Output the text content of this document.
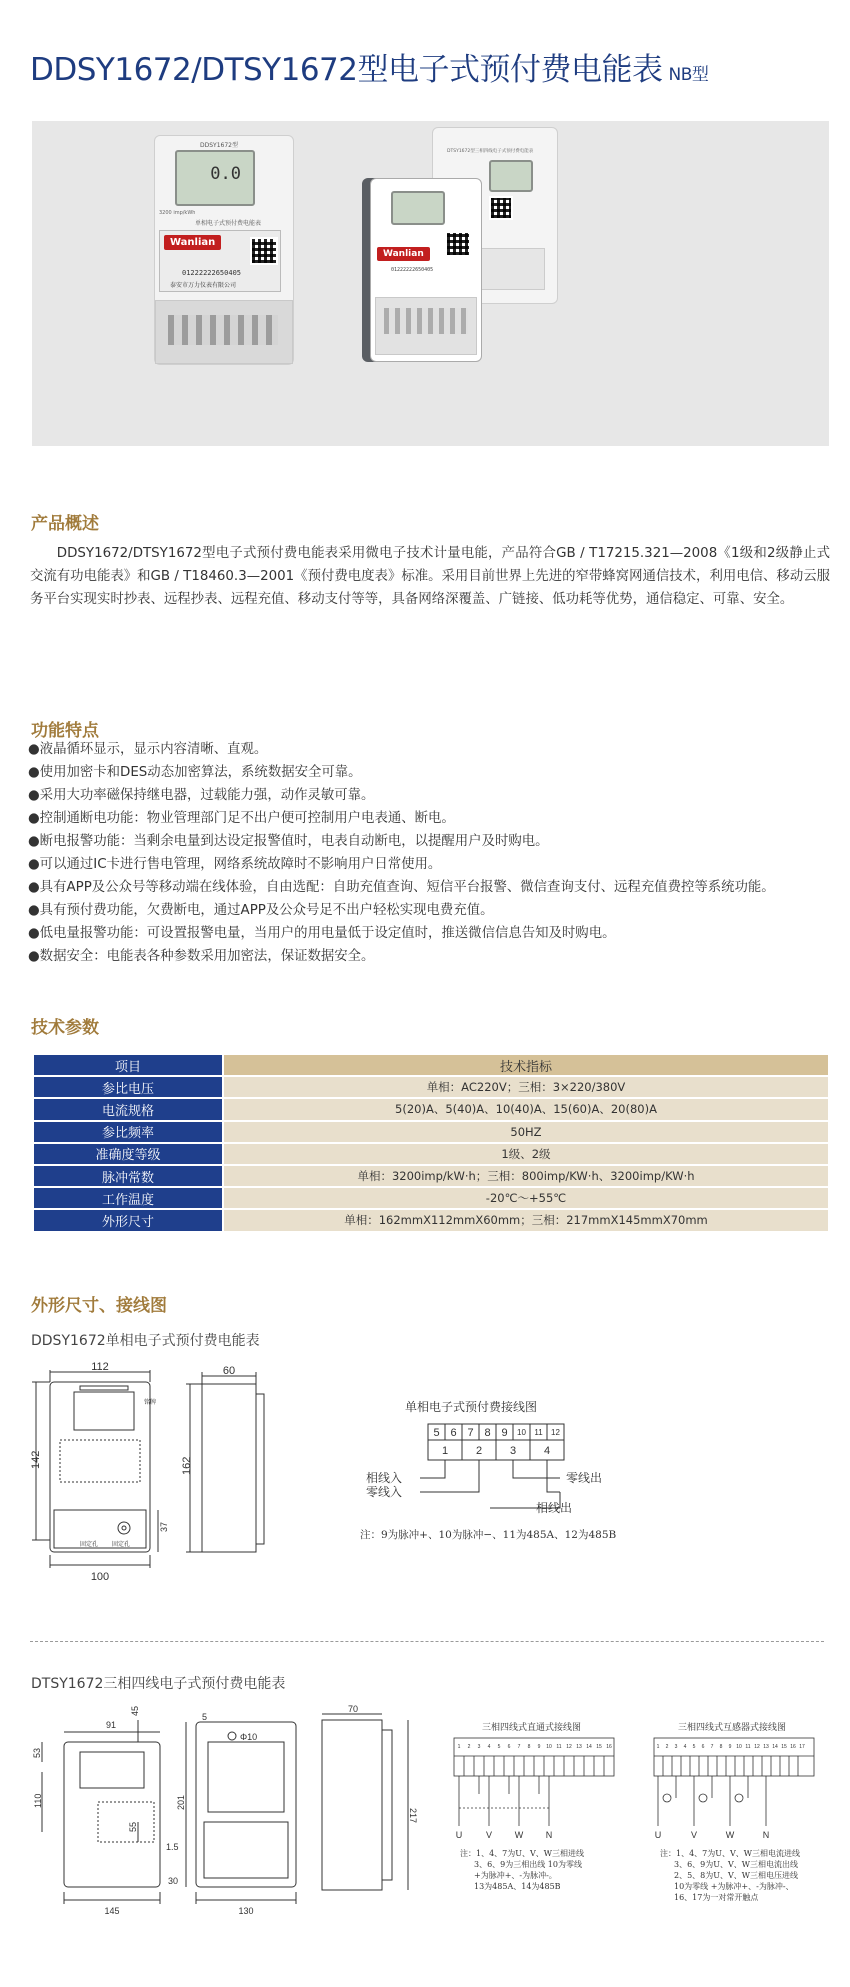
DDSY1672/DTSY1672型电子式预付费电能表 NB型
DDSY1672型
0.0
3200 imp/kWh
单相电子式预付费电能表
Wanlian
01222222650405
泰安市万力仪表有限公司
DTSY1672型三相四线电子式预付费电能表
Wanlian
01222222650405
产品概述
DDSY1672/DTSY1672型电子式预付费电能表采用微电子技术计量电能，产品符合GB / T17215.321—2008《1级和2级静止式交流有功电能表》和GB / T18460.3—2001《预付费电度表》标准。采用目前世界上先进的窄带蜂窝网通信技术，利用电信、移动云服务平台实现实时抄表、远程抄表、远程充值、移动支付等等，具备网络深覆盖、广链接、低功耗等优势，通信稳定、可靠、安全。
功能特点
●液晶循环显示，显示内容清晰、直观。
●使用加密卡和DES动态加密算法，系统数据安全可靠。
●采用大功率磁保持继电器，过载能力强，动作灵敏可靠。
●控制通断电功能：物业管理部门足不出户便可控制用户电表通、断电。
●断电报警功能：当剩余电量到达设定报警值时，电表自动断电，以提醒用户及时购电。
●可以通过IC卡进行售电管理，网络系统故障时不影响用户日常使用。
●具有APP及公众号等移动端在线体验，自由选配：自助充值查询、短信平台报警、微信查询支付、远程充值费控等系统功能。
●具有预付费功能，欠费断电，通过APP及公众号足不出户轻松实现电费充值。
●低电量报警功能：可设置报警电量，当用户的用电量低于设定值时，推送微信信息告知及时购电。
●数据安全：电能表各种参数采用加密法，保证数据安全。
技术参数
项目	技术指标
参比电压	单相：AC220V；三相：3×220/380V
电流规格	5(20)A、5(40)A、10(40)A、15(60)A、20(80)A
参比频率	50HZ
准确度等级	1级、2级
脉冲常数	单相：3200imp/kW·h；三相：800imp/KW·h、3200imp/KW·h
工作温度	-20℃～+55℃
外形尺寸	单相：162mmX112mmX60mm；三相：217mmX145mmX70mm
外形尺寸、接线图
DDSY1672单相电子式预付费电能表
112
142
100
60
162
37
铭牌
固定孔 固定孔
单相电子式预付费接线图
5 6 7 8 9 10 11 12
1	2	3	4
相线入
零线入
零线出
相线出
注：9为脉冲+、10为脉冲−、11为485A、12为485B
DTSY1672三相四线电子式预付费电能表
45
53
91
110
55
1.5
145
5
Φ10
201
130
70
217
30
三相四线式直通式接线图
1 2 3 4 5 6 7 8 9 10 11 12 13 14 15 16
U	V	W	N
注：1、4、7为U、V、W三相进线
3、6、9为三相出线 10为零线
+为脉冲+、-为脉冲-。
13为485A、14为485B
三相四线式互感器式接线图
1 2 3 4 5 6 7 8 9 10 11 12 13 14 15 16 17
U	V	W	N
注：1、4、7为U、V、W三相电流进线
3、6、9为U、V、W三相电流出线
2、5、8为U、V、W三相电压进线
10为零线 +为脉冲+、-为脉冲-、
16、17为一对常开触点
